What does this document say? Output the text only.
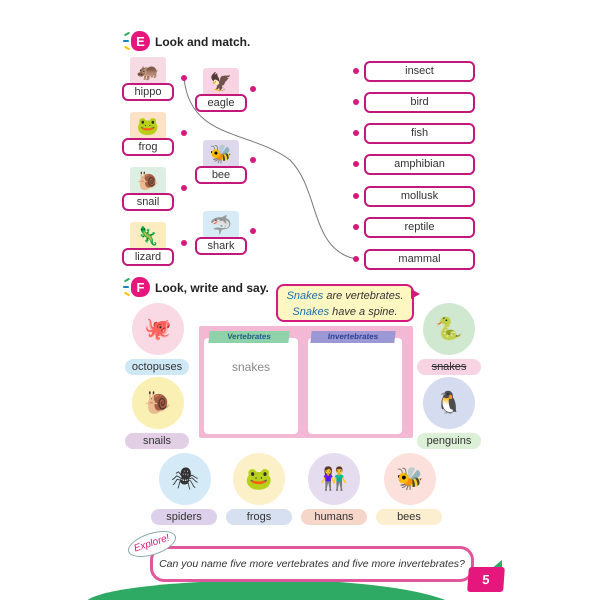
E Look and match.
🦛
hippo
🐸
frog
🐌
snail
🦎
lizard
🦅
eagle
🐝
bee
🦈
shark
insect
bird
fish
amphibian
mollusk
reptile
mammal
F Look, write and say.
Snakes are vertebrates.
Snakes have a spine.
snakes
Vertebrates	Invertebrates
🐙
octopuses
🐌
snails
🐍
snakes
🐧
penguins
🕷
spiders
🐸
frogs
👫
humans
🐝
bees
Can you name five more vertebrates and five more invertebrates?
Explore!
5
